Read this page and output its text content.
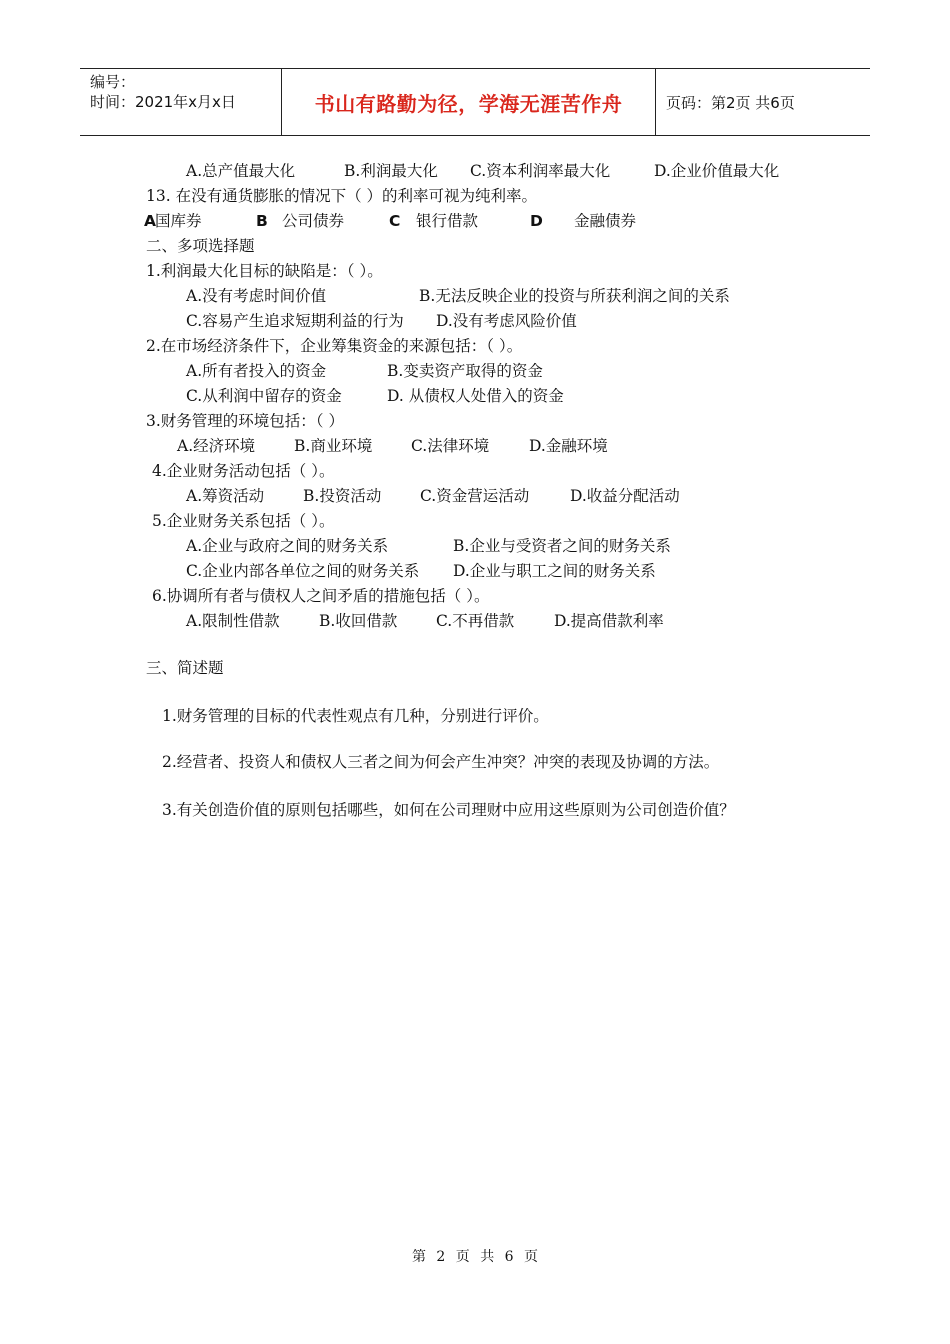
编号：
时间：2021年x月x日	书山有路勤为径，学海无涯苦作舟	页码：第2页 共6页
A.总产值最大化	B.利润最大化 C.资本利润率最大化	D.企业价值最大化
13. 在没有通货膨胀的情况下（ ）的利率可视为纯利率。
A 国库券	B 公司债券	C 银行借款	D 金融债券
二、多项选择题
1.利润最大化目标的缺陷是：（ ）。
A.没有考虑时间价值	B.无法反映企业的投资与所获利润之间的关系
C.容易产生追求短期利益的行为 D.没有考虑风险价值
2.在市场经济条件下，企业筹集资金的来源包括：（ ）。
A.所有者投入的资金	B.变卖资产取得的资金
C.从利润中留存的资金	D. 从债权人处借入的资金
3.财务管理的环境包括：（ ）
A.经济环境	B.商业环境 C.法律环境	D.金融环境
4.企业财务活动包括（ ）。
A.筹资活动	B.投资活动 C.资金营运活动	D.收益分配活动
5.企业财务关系包括（ ）。
A.企业与政府之间的财务关系	B.企业与受资者之间的财务关系
C.企业内部各单位之间的财务关系 D.企业与职工之间的财务关系
6.协调所有者与债权人之间矛盾的措施包括（ ）。
A.限制性借款	B.收回借款 C.不再借款	D.提高借款利率
三、简述题
1.财务管理的目标的代表性观点有几种，分别进行评价。
2.经营者、投资人和债权人三者之间为何会产生冲突？冲突的表现及协调的方法。
3.有关创造价值的原则包括哪些，如何在公司理财中应用这些原则为公司创造价值？
第 2 页 共 6 页
